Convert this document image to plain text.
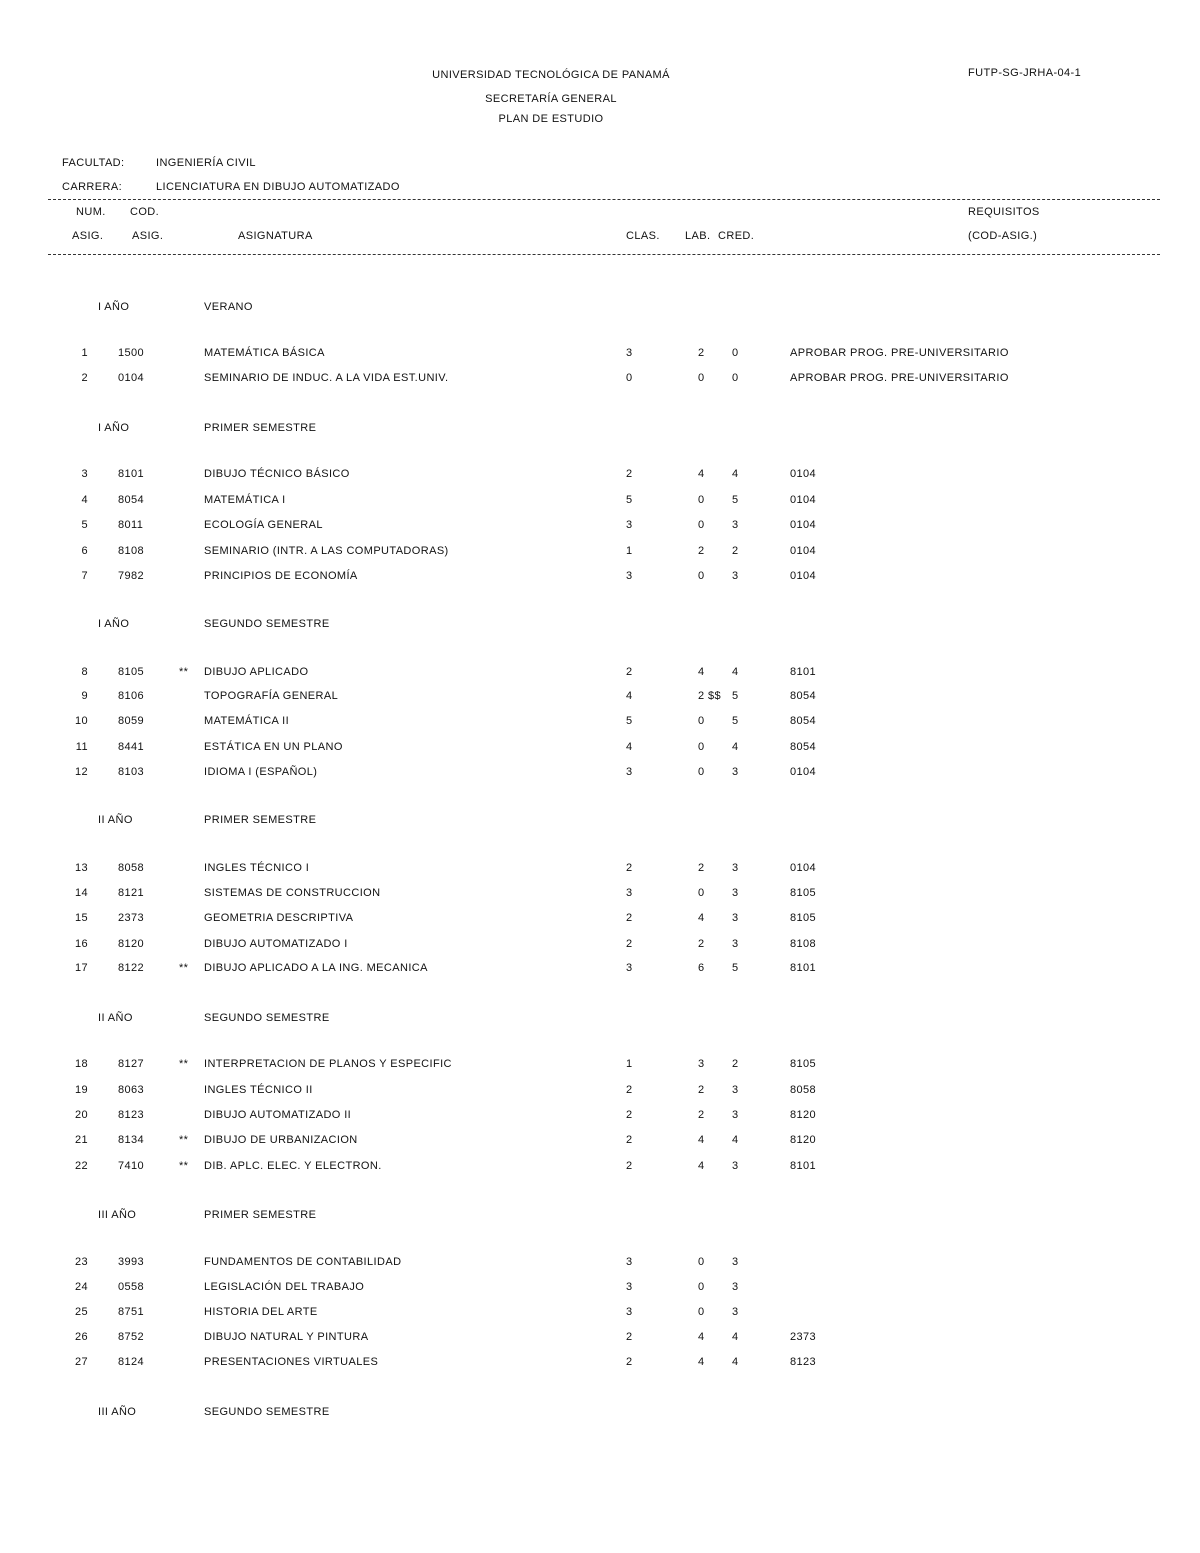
UNIVERSIDAD TECNOLÓGICA DE PANAMÁ
SECRETARÍA GENERAL
PLAN DE ESTUDIO
FUTP-SG-JRHA-04-1
FACULTAD:	INGENIERÍA CIVIL
CARRERA:	LICENCIATURA EN DIBUJO AUTOMATIZADO
NUM.
ASIG.
COD.
ASIG.	ASIGNATURA	CLAS. LAB. CRED.
REQUISITOS
(COD-ASIG.)
I AÑO	VERANO
1	1500	MATEMÁTICA BÁSICA	3	2 0	APROBAR PROG. PRE-UNIVERSITARIO
2	0104	SEMINARIO DE INDUC. A LA VIDA EST.UNIV.	0	0 0	APROBAR PROG. PRE-UNIVERSITARIO
I AÑO	PRIMER SEMESTRE
3	8101	DIBUJO TÉCNICO BÁSICO	2	4 4	0104
4	8054	MATEMÁTICA I	5	0 5	0104
5	8011	ECOLOGÍA GENERAL	3	0 3	0104
6	8108	SEMINARIO (INTR. A LAS COMPUTADORAS)	1	2 2	0104
7	7982	PRINCIPIOS DE ECONOMÍA	3	0 3	0104
I AÑO	SEGUNDO SEMESTRE
8	8105	** DIBUJO APLICADO	2	4 4	8101
9	8106	TOPOGRAFÍA GENERAL	4	2 $$ 5	8054
10	8059	MATEMÁTICA II	5	0 5	8054
11	8441	ESTÁTICA EN UN PLANO	4	0 4	8054
12	8103	IDIOMA I (ESPAÑOL)	3	0 3	0104
II AÑO	PRIMER SEMESTRE
13	8058	INGLES TÉCNICO I	2	2 3	0104
14	8121	SISTEMAS DE CONSTRUCCION	3	0 3	8105
15	2373	GEOMETRIA DESCRIPTIVA	2	4 3	8105
16	8120	DIBUJO AUTOMATIZADO I	2	2 3	8108
17	8122	** DIBUJO APLICADO A LA ING. MECANICA	3	6 5	8101
II AÑO	SEGUNDO SEMESTRE
18	8127	** INTERPRETACION DE PLANOS Y ESPECIFIC	1	3 2	8105
19	8063	INGLES TÉCNICO II	2	2 3	8058
20	8123	DIBUJO AUTOMATIZADO II	2	2 3	8120
21	8134	** DIBUJO DE URBANIZACION	2	4 4	8120
22	7410	** DIB. APLC. ELEC. Y ELECTRON.	2	4 3	8101
III AÑO	PRIMER SEMESTRE
23	3993	FUNDAMENTOS DE CONTABILIDAD	3	0 3
24	0558	LEGISLACIÓN DEL TRABAJO	3	0 3
25	8751	HISTORIA DEL ARTE	3	0 3
26	8752	DIBUJO NATURAL Y PINTURA	2	4 4	2373
27	8124	PRESENTACIONES VIRTUALES	2	4 4	8123
III AÑO	SEGUNDO SEMESTRE
